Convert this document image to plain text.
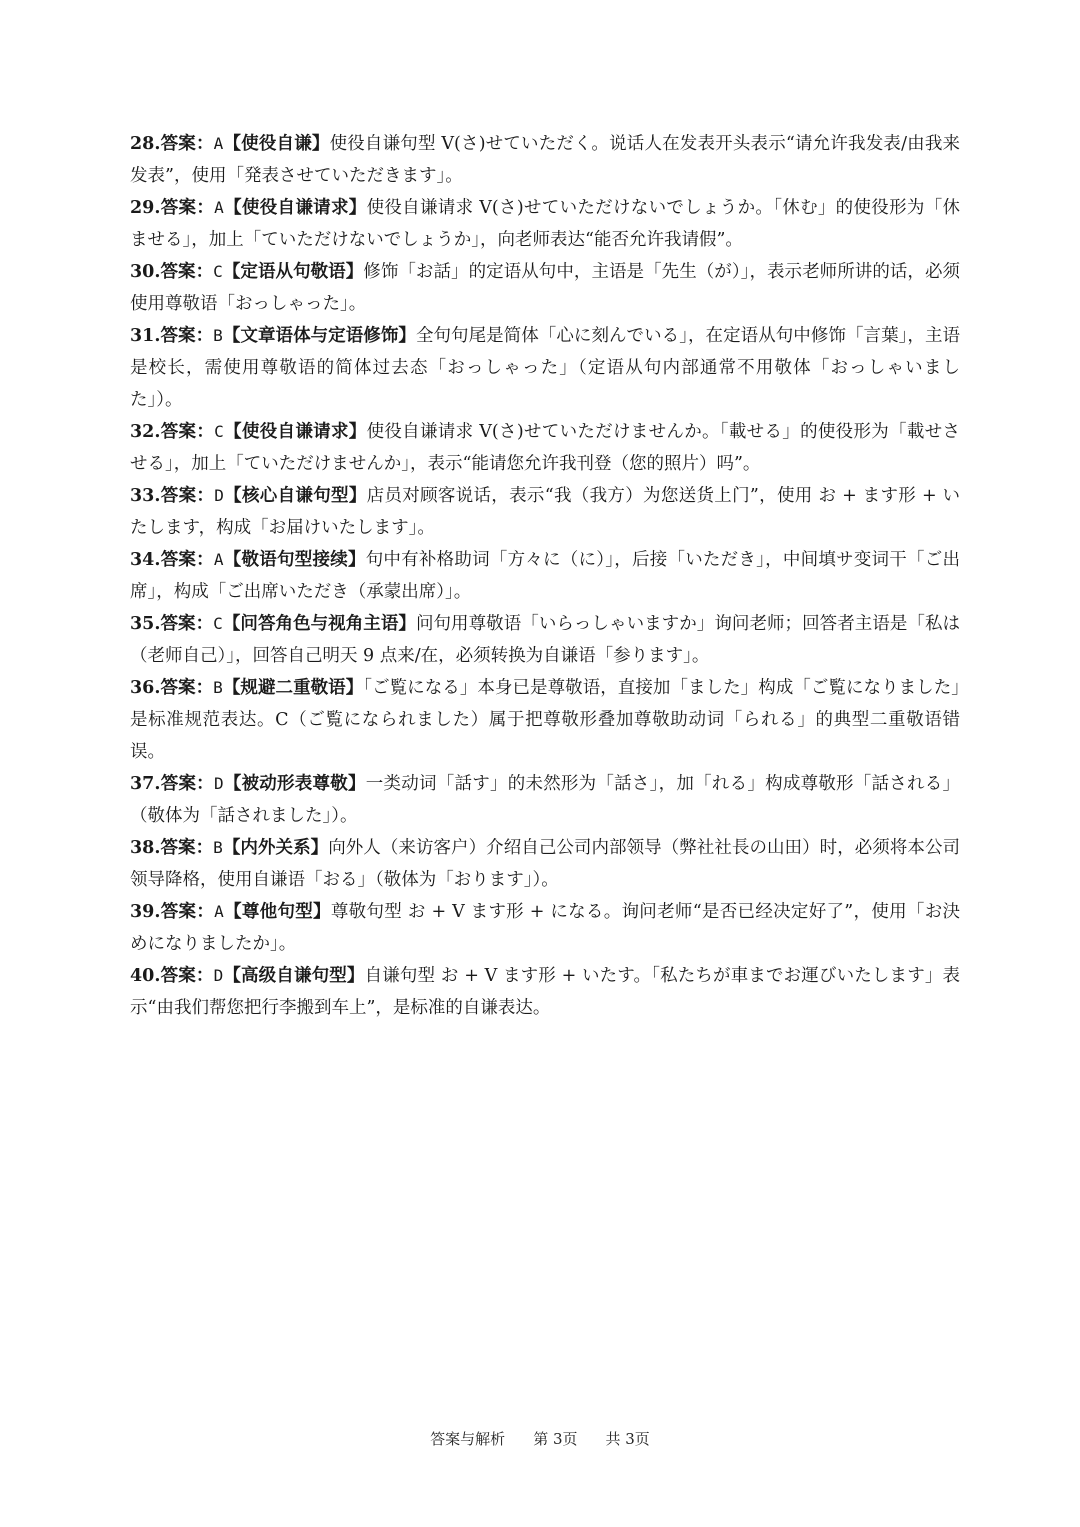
28.答案：A【使役自谦】使役自谦句型 V(さ)せていただく。说话人在发表开头表示“请允许我发表/由我来发表”，使用「発表させていただきます」。

29.答案：A【使役自谦请求】使役自谦请求 V(さ)せていただけないでしょうか。「休む」的使役形为「休ませる」，加上「ていただけないでしょうか」，向老师表达“能否允许我请假”。

30.答案：C【定语从句敬语】修饰「お話」的定语从句中，主语是「先生（が）」，表示老师所讲的话，必须使用尊敬语「おっしゃった」。

31.答案：B【文章语体与定语修饰】全句句尾是简体「心に刻んでいる」，在定语从句中修饰「言葉」，主语是校长，需使用尊敬语的简体过去态「おっしゃった」（定语从句内部通常不用敬体「おっしゃいました」）。

32.答案：C【使役自谦请求】使役自谦请求 V(さ)せていただけませんか。「載せる」的使役形为「載せさせる」，加上「ていただけませんか」，表示“能请您允许我刊登（您的照片）吗”。

33.答案：D【核心自谦句型】店员对顾客说话，表示“我（我方）为您送货上门”，使用 お + ます形 + いたします，构成「お届けいたします」。

34.答案：A【敬语句型接续】句中有补格助词「方々に（に）」，后接「いただき」，中间填サ变词干「ご出席」，构成「ご出席いただき（承蒙出席）」。

35.答案：C【问答角色与视角主语】问句用尊敬语「いらっしゃいますか」询问老师；回答者主语是「私は（老师自己）」，回答自己明天 9 点来/在，必须转换为自谦语「参ります」。

36.答案：B【规避二重敬语】「ご覧になる」本身已是尊敬语，直接加「ました」构成「ご覧になりました」是标准规范表达。C（ご覧になられました）属于把尊敬形叠加尊敬助动词「られる」的典型二重敬语错误。

37.答案：D【被动形表尊敬】一类动词「話す」的未然形为「話さ」，加「れる」构成尊敬形「話される」（敬体为「話されました」）。

38.答案：B【内外关系】向外人（来访客户）介绍自己公司内部领导（弊社社長の山田）时，必须将本公司领导降格，使用自谦语「おる」（敬体为「おります」）。

39.答案：A【尊他句型】尊敬句型 お + V ます形 + になる。询问老师“是否已经决定好了”，使用「お決めになりましたか」。

40.答案：D【高级自谦句型】自谦句型 お + V ます形 + いたす。「私たちが車までお運びいたします」表示“由我们帮您把行李搬到车上”，是标准的自谦表达。

答案与解析 第 3页 共 3页
